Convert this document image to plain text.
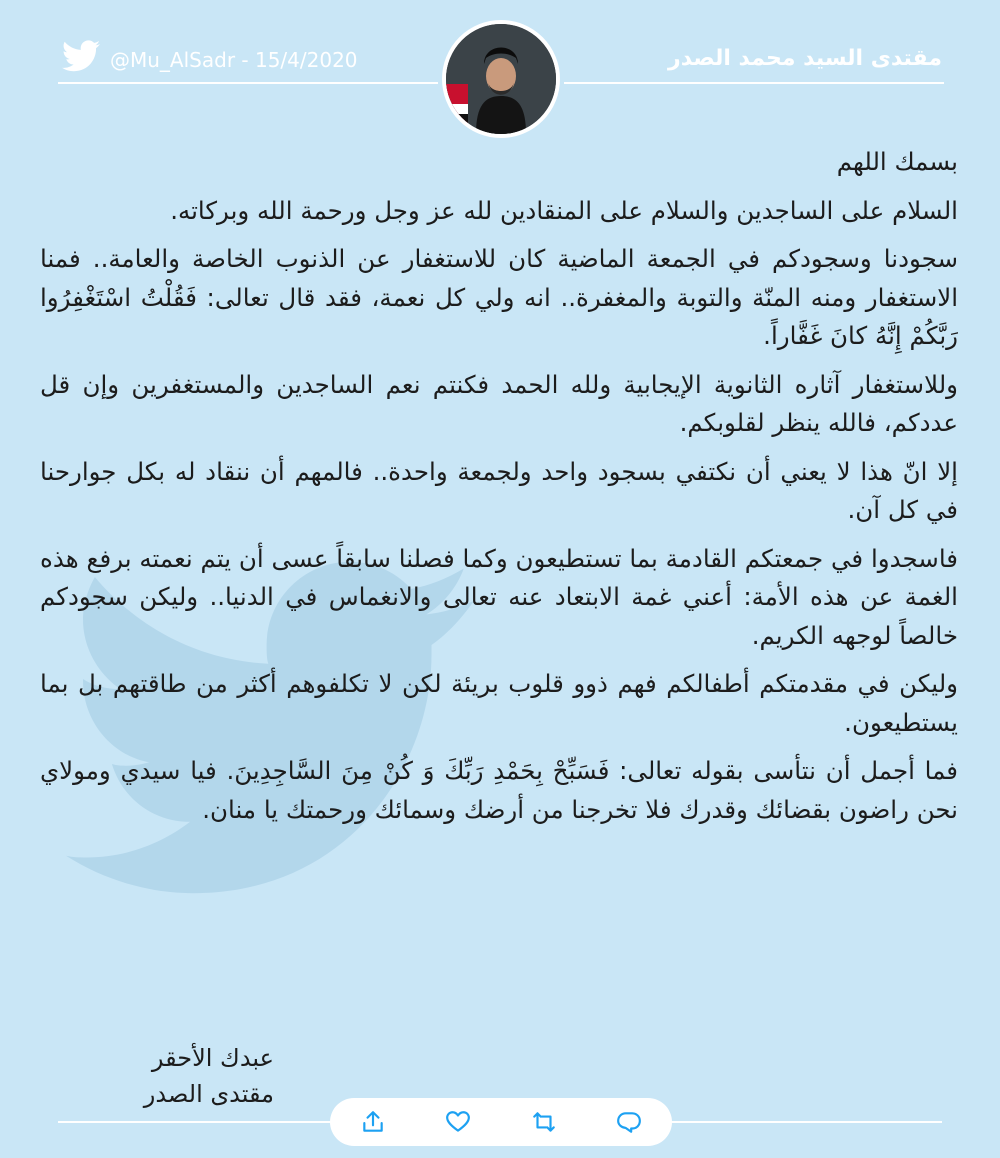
@Mu_AlSadr - 15/4/2020	مقتدى السيد محمد الصدر

بسمك اللهم

السلام على الساجدين والسلام على المنقادين لله عز وجل ورحمة الله وبركاته.

سجودنا وسجودكم في الجمعة الماضية كان للاستغفار عن الذنوب الخاصة والعامة.. فمنا الاستغفار ومنه المنّة والتوبة والمغفرة.. انه ولي كل نعمة، فقد قال تعالى: فَقُلْتُ اسْتَغْفِرُوا رَبَّكُمْ إِنَّهُ كانَ غَفَّاراً.

وللاستغفار آثاره الثانوية الإيجابية ولله الحمد فكنتم نعم الساجدين والمستغفرين وإن قل عددكم، فالله ينظر لقلوبكم.

إلا انّ هذا لا يعني أن نكتفي بسجود واحد ولجمعة واحدة.. فالمهم أن ننقاد له بكل جوارحنا في كل آن.

فاسجدوا في جمعتكم القادمة بما تستطيعون وكما فصلنا سابقاً عسى أن يتم نعمته برفع هذه الغمة عن هذه الأمة: أعني غمة الابتعاد عنه تعالى والانغماس في الدنيا.. وليكن سجودكم خالصاً لوجهه الكريم.

وليكن في مقدمتكم أطفالكم فهم ذوو قلوب بريئة لكن لا تكلفوهم أكثر من طاقتهم بل بما يستطيعون.

فما أجمل أن نتأسى بقوله تعالى: فَسَبِّحْ بِحَمْدِ رَبِّكَ وَ كُنْ مِنَ السَّاجِدِينَ. فيا سيدي ومولاي نحن راضون بقضائك وقدرك فلا تخرجنا من أرضك وسمائك ورحمتك يا منان.

عبدك الأحقر
مقتدى الصدر
